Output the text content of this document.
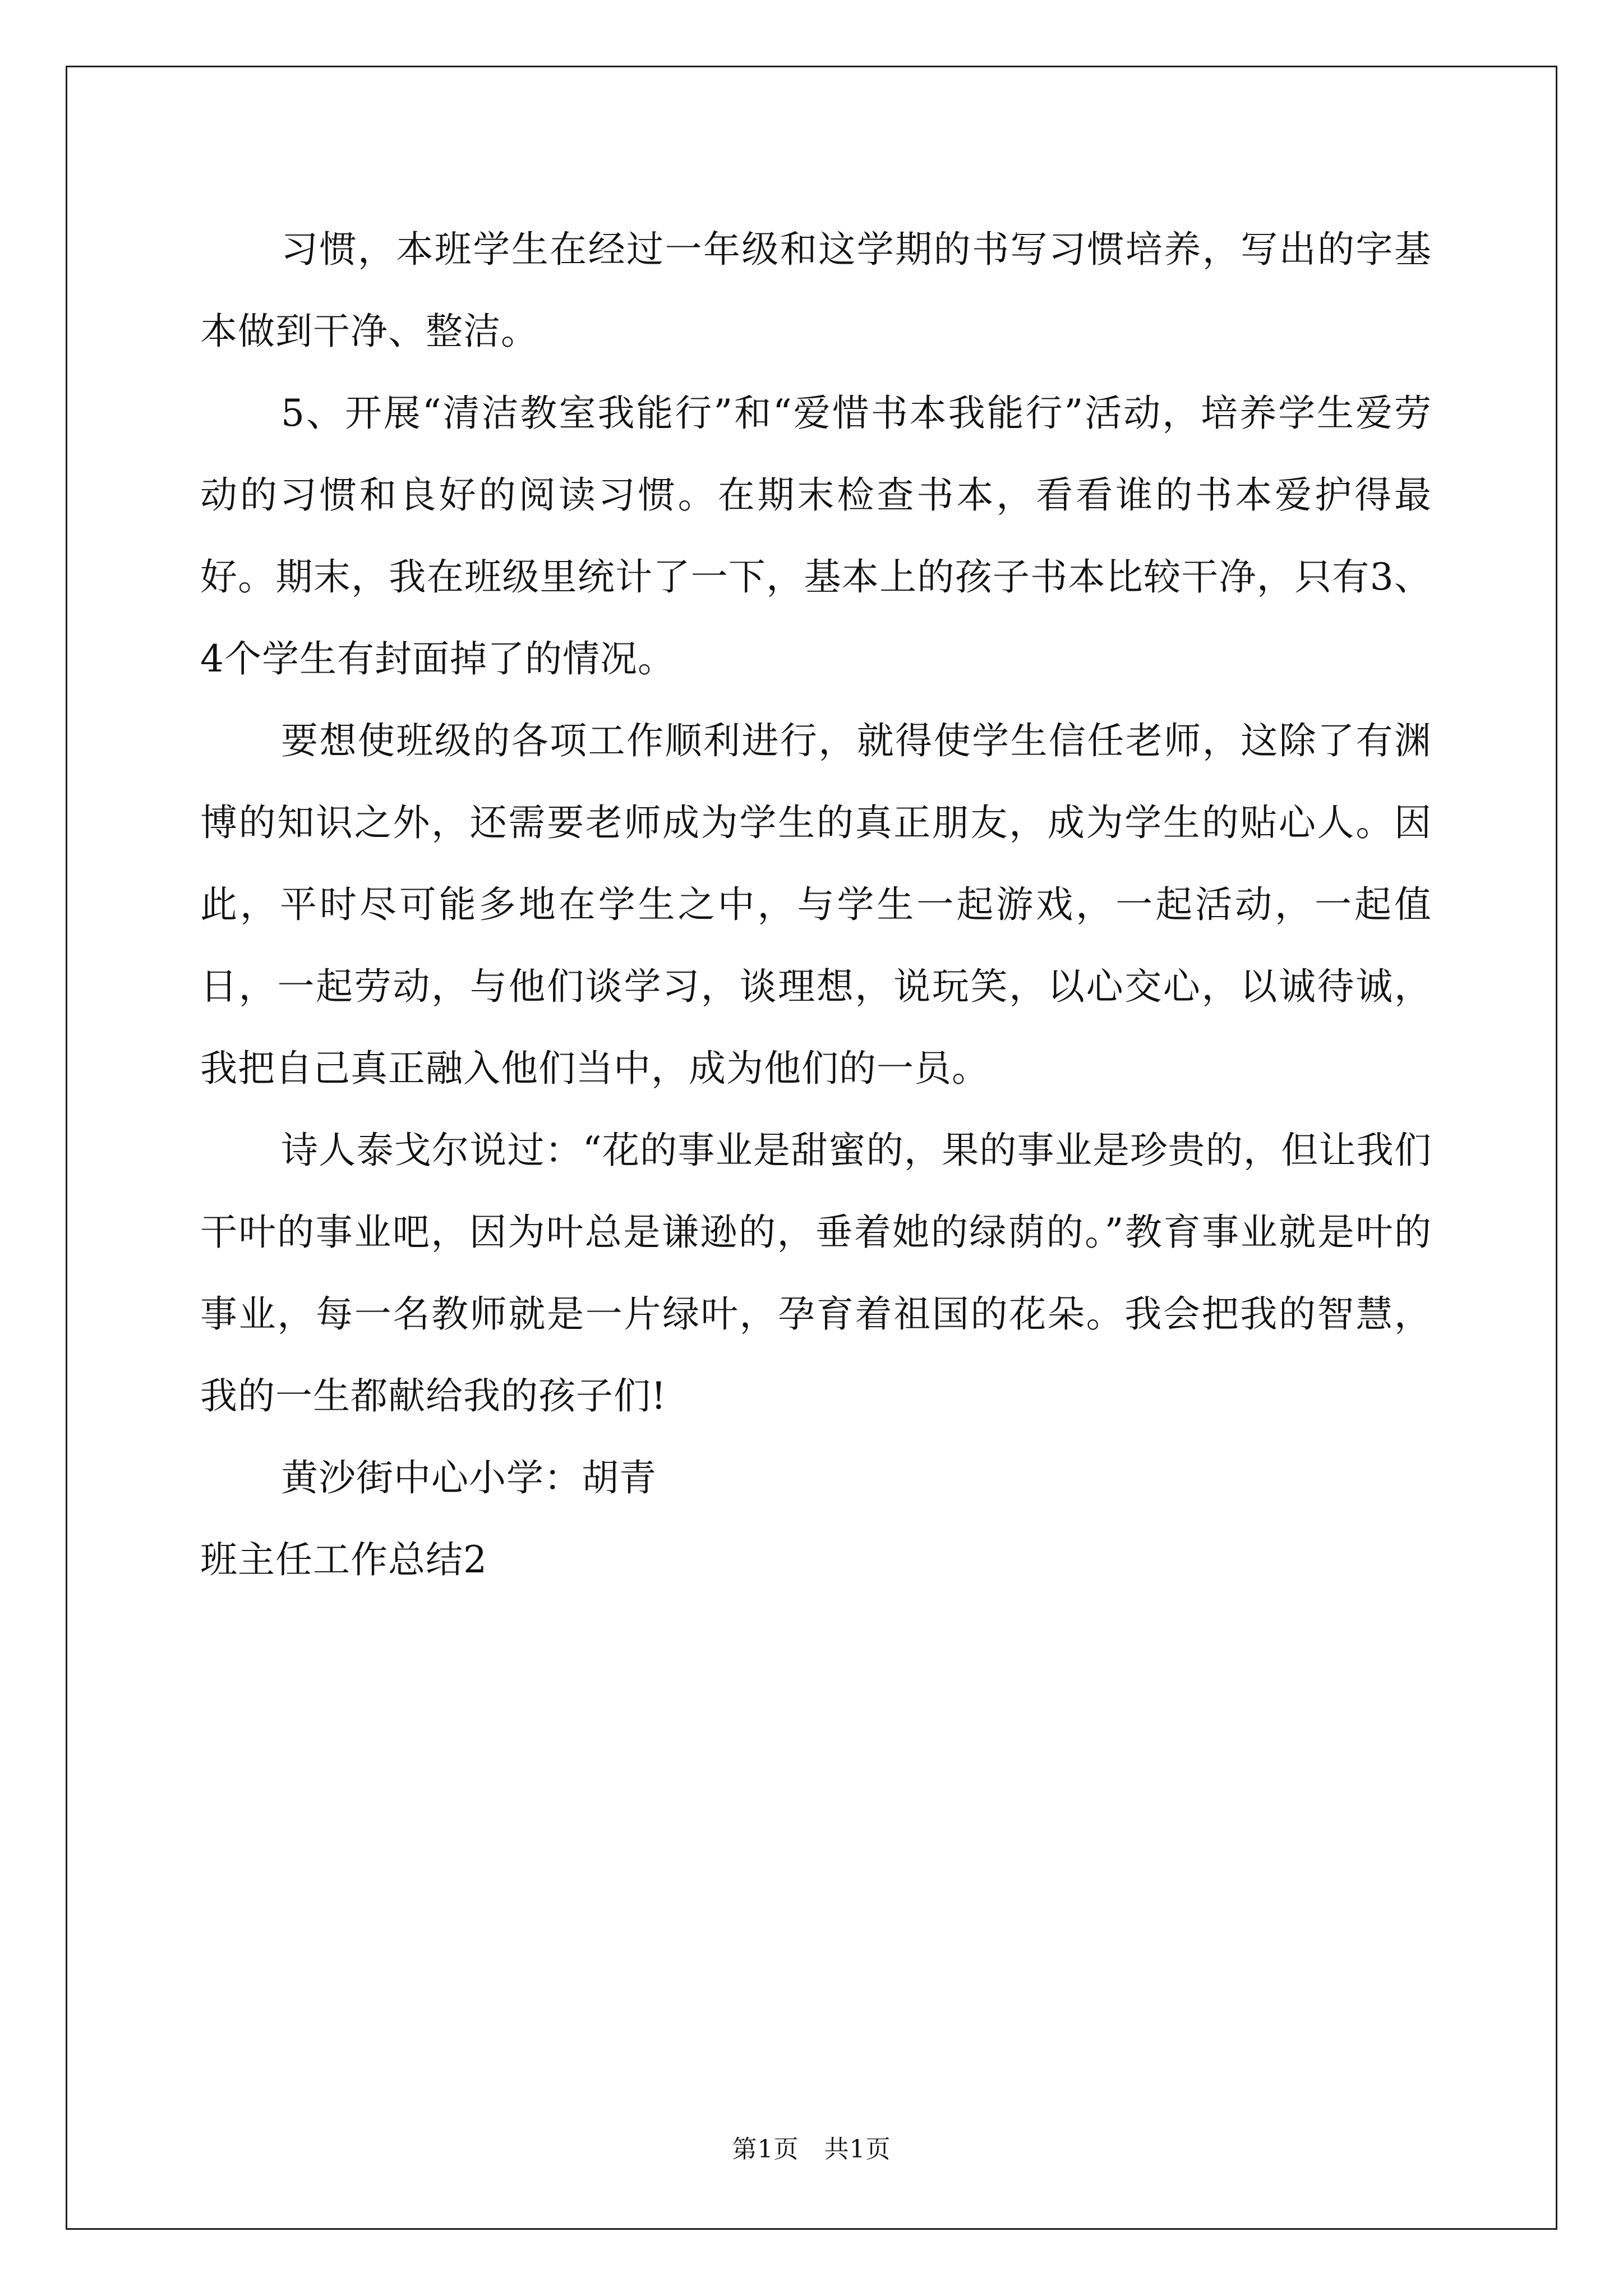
习惯，本班学生在经过一年级和这学期的书写习惯培养，写出的字基本做到干净、整洁。

5、开展“清洁教室我能行”和“爱惜书本我能行”活动，培养学生爱劳动的习惯和良好的阅读习惯。在期末检查书本，看看谁的书本爱护得最好。期末，我在班级里统计了一下，基本上的孩子书本比较干净，只有3、4个学生有封面掉了的情况。

要想使班级的各项工作顺利进行，就得使学生信任老师，这除了有渊博的知识之外，还需要老师成为学生的真正朋友，成为学生的贴心人。因此，平时尽可能多地在学生之中，与学生一起游戏，一起活动，一起值日，一起劳动，与他们谈学习，谈理想，说玩笑，以心交心，以诚待诚，我把自己真正融入他们当中，成为他们的一员。

诗人泰戈尔说过：“花的事业是甜蜜的，果的事业是珍贵的，但让我们干叶的事业吧，因为叶总是谦逊的，垂着她的绿荫的。”教育事业就是叶的事业，每一名教师就是一片绿叶，孕育着祖国的花朵。我会把我的智慧，我的一生都献给我的孩子们!

黄沙街中心小学：胡青

班主任工作总结2

第1页　共1页
